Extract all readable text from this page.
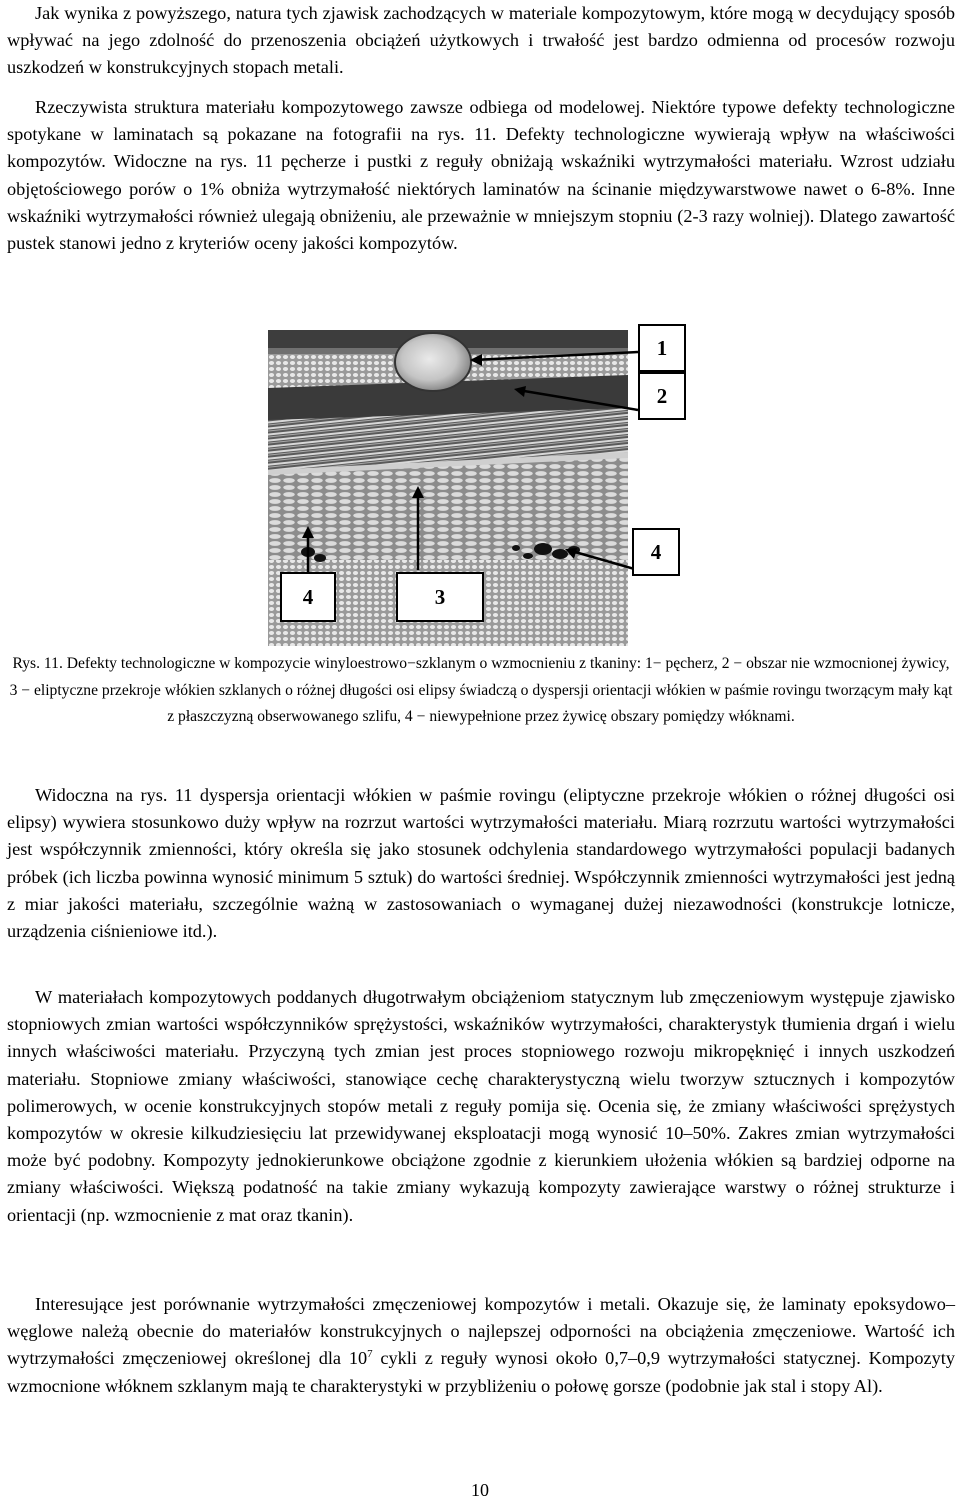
Jak wynika z powyższego, natura tych zjawisk zachodzących w materiale kompozytowym, które mogą w decydujący sposób wpływać na jego zdolność do przenoszenia obciążeń użytkowych i trwałość jest bardzo odmienna od procesów rozwoju uszkodzeń w konstrukcyjnych stopach metali.

Rzeczywista struktura materiału kompozytowego zawsze odbiega od modelowej. Niektóre typowe defekty technologiczne spotykane w laminatach są pokazane na fotografii na rys. 11. Defekty technologiczne wywierają wpływ na właściwości kompozytów. Widoczne na rys. 11 pęcherze i pustki z reguły obniżają wskaźniki wytrzymałości materiału. Wzrost udziału objętościowego porów o 1% obniża wytrzymałość niektórych laminatów na ścinanie międzywarstwowe nawet o 6-8%. Inne wskaźniki wytrzymałości również ulegają obniżeniu, ale przeważnie w mniejszym stopniu (2-3 razy wolniej). Dlatego zawartość pustek stanowi jedno z kryteriów oceny jakości kompozytów.

1
2
4
4	3

Rys. 11. Defekty technologiczne w kompozycie winyloestrowo−szklanym o wzmocnieniu z tkaniny: 1− pęcherz, 2 − obszar nie wzmocnionej żywicy, 3 − eliptyczne przekroje włókien szklanych o różnej długości osi elipsy świadczą o dyspersji orientacji włókien w paśmie rovingu tworzącym mały kąt z płaszczyzną obserwowanego szlifu, 4 − niewypełnione przez żywicę obszary pomiędzy włóknami.

Widoczna na rys. 11 dyspersja orientacji włókien w paśmie rovingu (eliptyczne przekroje włókien o różnej długości osi elipsy) wywiera stosunkowo duży wpływ na rozrzut wartości wytrzymałości materiału. Miarą rozrzutu wartości wytrzymałości jest współczynnik zmienności, który określa się jako stosunek odchylenia standardowego wytrzymałości populacji badanych próbek (ich liczba powinna wynosić minimum 5 sztuk) do wartości średniej. Współczynnik zmienności wytrzymałości jest jedną z miar jakości materiału, szczególnie ważną w zastosowaniach o wymaganej dużej niezawodności (konstrukcje lotnicze, urządzenia ciśnieniowe itd.).

W materiałach kompozytowych poddanych długotrwałym obciążeniom statycznym lub zmęczeniowym występuje zjawisko stopniowych zmian wartości współczynników sprężystości, wskaźników wytrzymałości, charakterystyk tłumienia drgań i wielu innych właściwości materiału. Przyczyną tych zmian jest proces stopniowego rozwoju mikropęknięć i innych uszkodzeń materiału. Stopniowe zmiany właściwości, stanowiące cechę charakterystyczną wielu tworzyw sztucznych i kompozytów polimerowych, w ocenie konstrukcyjnych stopów metali z reguły pomija się. Ocenia się, że zmiany właściwości sprężystych kompozytów w okresie kilkudziesięciu lat przewidywanej eksploatacji mogą wynosić 10–50%. Zakres zmian wytrzymałości może być podobny. Kompozyty jednokierunkowe obciążone zgodnie z kierunkiem ułożenia włókien są bardziej odporne na zmiany właściwości. Większą podatność na takie zmiany wykazują kompozyty zawierające warstwy o różnej strukturze i orientacji (np. wzmocnienie z mat oraz tkanin).

Interesujące jest porównanie wytrzymałości zmęczeniowej kompozytów i metali. Okazuje się, że laminaty epoksydowo–węglowe należą obecnie do materiałów konstrukcyjnych o najlepszej odporności na obciążenia zmęczeniowe. Wartość ich wytrzymałości zmęczeniowej określonej dla $10^7$ cykli z reguły wynosi około 0,7–0,9 wytrzymałości statycznej. Kompozyty wzmocnione włóknem szklanym mają te charakterystyki w przybliżeniu o połowę gorsze (podobnie jak stal i stopy Al).

10
